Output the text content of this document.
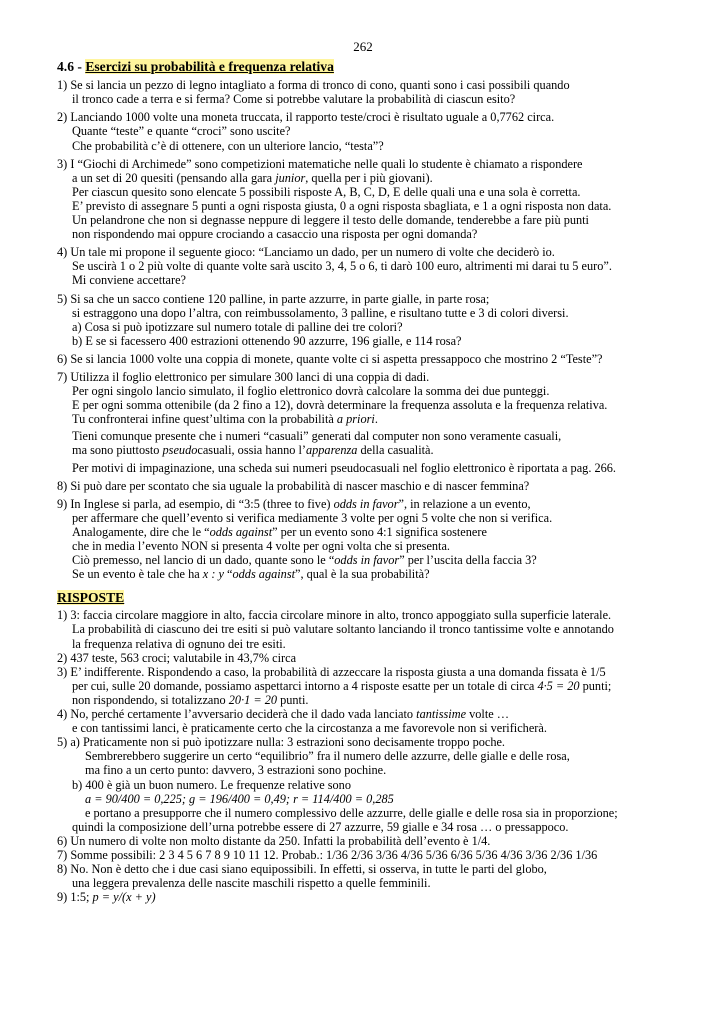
262
4.6 - Esercizi su probabilità e frequenza relativa
1) Se si lancia un pezzo di legno intagliato a forma di tronco di cono, quanti sono i casi possibili quando
il tronco cade a terra e si ferma? Come si potrebbe valutare la probabilità di ciascun esito?
2) Lanciando 1000 volte una moneta truccata, il rapporto teste/croci è risultato uguale a 0,7762 circa.
Quante “teste” e quante “croci” sono uscite?
Che probabilità c’è di ottenere, con un ulteriore lancio, “testa”?
3) I “Giochi di Archimede” sono competizioni matematiche nelle quali lo studente è chiamato a rispondere
a un set di 20 quesiti (pensando alla gara junior, quella per i più giovani).
Per ciascun quesito sono elencate 5 possibili risposte A, B, C, D, E delle quali una e una sola è corretta.
E’ previsto di assegnare 5 punti a ogni risposta giusta, 0 a ogni risposta sbagliata, e 1 a ogni risposta non data.
Un pelandrone che non si degnasse neppure di leggere il testo delle domande, tenderebbe a fare più punti
non rispondendo mai oppure crociando a casaccio una risposta per ogni domanda?
4) Un tale mi propone il seguente gioco: “Lanciamo un dado, per un numero di volte che deciderò io.
Se uscirà 1 o 2 più volte di quante volte sarà uscito 3, 4, 5 o 6, ti darò 100 euro, altrimenti mi darai tu 5 euro”.
Mi conviene accettare?
5) Si sa che un sacco contiene 120 palline, in parte azzurre, in parte gialle, in parte rosa;
si estraggono una dopo l’altra, con reimbussolamento, 3 palline, e risultano tutte e 3 di colori diversi.
a) Cosa si può ipotizzare sul numero totale di palline dei tre colori?
b) E se si facessero 400 estrazioni ottenendo 90 azzurre, 196 gialle, e 114 rosa?
6) Se si lancia 1000 volte una coppia di monete, quante volte ci si aspetta pressappoco che mostrino 2 “Teste”?
7) Utilizza il foglio elettronico per simulare 300 lanci di una coppia di dadi.
Per ogni singolo lancio simulato, il foglio elettronico dovrà calcolare la somma dei due punteggi.
E per ogni somma ottenibile (da 2 fino a 12), dovrà determinare la frequenza assoluta e la frequenza relativa.
Tu confronterai infine quest’ultima con la probabilità a priori.
Tieni comunque presente che i numeri “casuali” generati dal computer non sono veramente casuali,
ma sono piuttosto pseudocasuali, ossia hanno l’apparenza della casualità.
Per motivi di impaginazione, una scheda sui numeri pseudocasuali nel foglio elettronico è riportata a pag. 266.
8) Si può dare per scontato che sia uguale la probabilità di nascer maschio e di nascer femmina?
9) In Inglese si parla, ad esempio, di “3:5 (three to five) odds in favor”, in relazione a un evento,
per affermare che quell’evento si verifica mediamente 3 volte per ogni 5 volte che non si verifica.
Analogamente, dire che le “odds against” per un evento sono 4:1 significa sostenere
che in media l’evento NON si presenta 4 volte per ogni volta che si presenta.
Ciò premesso, nel lancio di un dado, quante sono le “odds in favor” per l’uscita della faccia 3?
Se un evento è tale che ha x : y “odds against”, qual è la sua probabilità?
RISPOSTE
1) 3: faccia circolare maggiore in alto, faccia circolare minore in alto, tronco appoggiato sulla superficie laterale.
La probabilità di ciascuno dei tre esiti si può valutare soltanto lanciando il tronco tantissime volte e annotando
la frequenza relativa di ognuno dei tre esiti.
2) 437 teste, 563 croci; valutabile in 43,7% circa
3) E’ indifferente. Rispondendo a caso, la probabilità di azzeccare la risposta giusta a una domanda fissata è 1/5
per cui, sulle 20 domande, possiamo aspettarci intorno a 4 risposte esatte per un totale di circa 4·5 = 20 punti;
non rispondendo, si totalizzano 20·1 = 20 punti.
4) No, perché certamente l’avversario deciderà che il dado vada lanciato tantissime volte …
e con tantissimi lanci, è praticamente certo che la circostanza a me favorevole non si verificherà.
5) a) Praticamente non si può ipotizzare nulla: 3 estrazioni sono decisamente troppo poche.
Sembrerebbero suggerire un certo “equilibrio” fra il numero delle azzurre, delle gialle e delle rosa,
ma fino a un certo punto: davvero, 3 estrazioni sono pochine.
b) 400 è già un buon numero. Le frequenze relative sono
a = 90/400 = 0,225; g = 196/400 = 0,49; r = 114/400 = 0,285
e portano a presupporre che il numero complessivo delle azzurre, delle gialle e delle rosa sia in proporzione;
quindi la composizione dell’urna potrebbe essere di 27 azzurre, 59 gialle e 34 rosa … o pressappoco.
6) Un numero di volte non molto distante da 250. Infatti la probabilità dell’evento è 1/4.
7) Somme possibili: 2 3 4 5 6 7 8 9 10 11 12. Probab.: 1/36 2/36 3/36 4/36 5/36 6/36 5/36 4/36 3/36 2/36 1/36
8) No. Non è detto che i due casi siano equipossibili. In effetti, si osserva, in tutte le parti del globo,
una leggera prevalenza delle nascite maschili rispetto a quelle femminili.
9) 1:5; p = y/(x + y)
